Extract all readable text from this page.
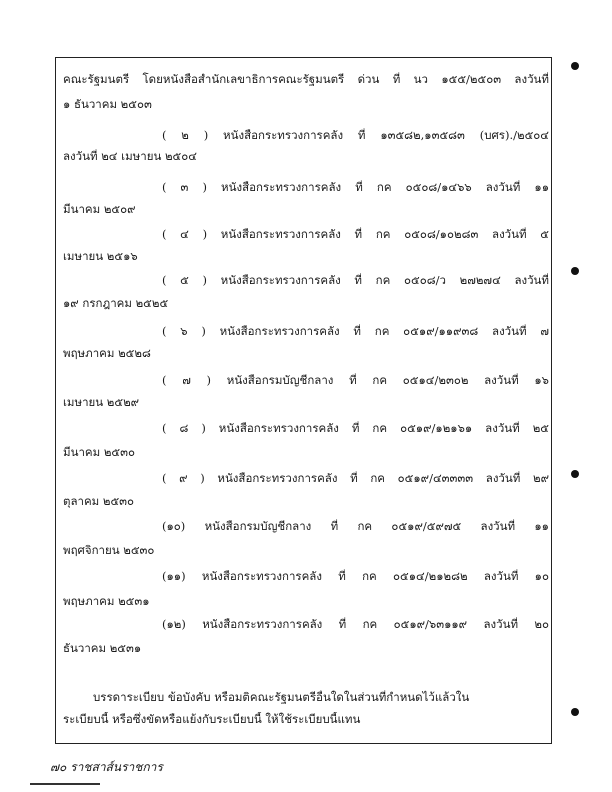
คณะรัฐมนตรี โดยหนังสือสำนักเลขาธิการคณะรัฐมนตรี ด่วน ที่ นว ๑๕๕/๒๕๐๓ ลงวันที่
๑ ธันวาคม ๒๕๐๓
( ๒ ) หนังสือกระทรวงการคลัง ที่ ๑๓๕๘๒,๑๓๕๘๓ (บศร)./๒๕๐๔
ลงวันที่ ๒๔ เมษายน ๒๕๐๔
( ๓ ) หนังสือกระทรวงการคลัง ที่ กค ๐๕๐๘/๑๔๖๖ ลงวันที่ ๑๑
มีนาคม ๒๕๐๙
( ๔ ) หนังสือกระทรวงการคลัง ที่ กค ๐๕๐๘/๑๐๒๘๓ ลงวันที่ ๕
เมษายน ๒๕๑๖
( ๕ ) หนังสือกระทรวงการคลัง ที่ กค ๐๕๐๘/ว ๒๗๒๗๔ ลงวันที่
๑๙ กรกฎาคม ๒๕๒๕
( ๖ ) หนังสือกระทรวงการคลัง ที่ กค ๐๕๑๙/๑๑๙๓๘ ลงวันที่ ๗
พฤษภาคม ๒๕๒๘
( ๗ ) หนังสือกรมบัญชีกลาง ที่ กค ๐๕๑๔/๒๓๐๒ ลงวันที่ ๑๖
เมษายน ๒๕๒๙
( ๘ ) หนังสือกระทรวงการคลัง ที่ กค ๐๕๑๙/๑๒๑๖๑ ลงวันที่ ๒๕
มีนาคม ๒๕๓๐
( ๙ ) หนังสือกระทรวงการคลัง ที่ กค ๐๕๑๙/๔๓๓๓๓ ลงวันที่ ๒๙
ตุลาคม ๒๕๓๐
(๑๐) หนังสือกรมบัญชีกลาง ที่ กค ๐๕๑๙/๕๙๗๕ ลงวันที่ ๑๑
พฤศจิกายน ๒๕๓๐
(๑๑) หนังสือกระทรวงการคลัง ที่ กค ๐๕๑๔/๒๑๒๘๒ ลงวันที่ ๑๐
พฤษภาคม ๒๕๓๑
(๑๒) หนังสือกระทรวงการคลัง ที่ กค ๐๕๑๙/๖๓๑๑๙ ลงวันที่ ๒๐
ธันวาคม ๒๕๓๑
บรรดาระเบียบ ข้อบังคับ หรือมติคณะรัฐมนตรีอื่นใดในส่วนที่กำหนดไว้แล้วใน
ระเบียบนี้ หรือซึ่งขัดหรือแย้งกับระเบียบนี้ ให้ใช้ระเบียบนี้แทน
๗๐ ราชสาส์นราชการ
